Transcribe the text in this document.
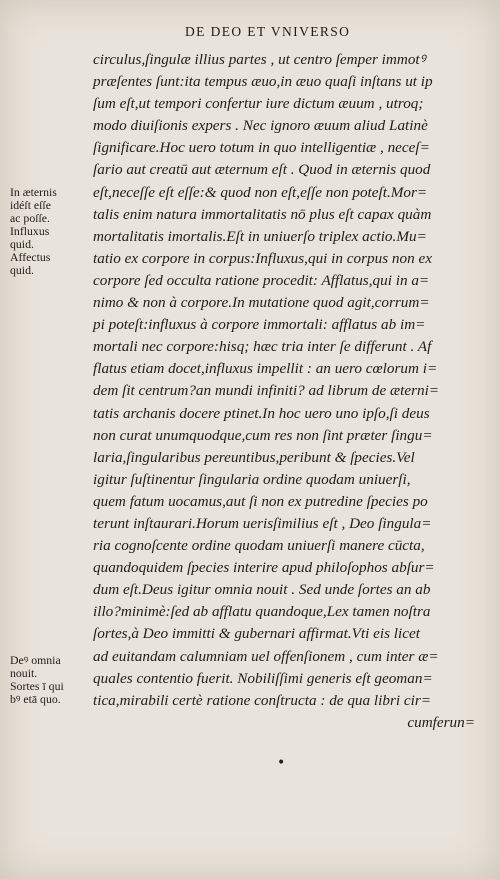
DE DEO ET VNIVERSO
circulus,ſingulæ illius partes , ut centro ſemper immotꝰ
præſentes ſunt:ita tempus æuo,in æuo quaſi inſtans ut ip
ſum eſt,ut tempori confertur iure dictum æuum , utroq;
modo diuiſionis expers . Nec ignoro æuum aliud Latinè
ſignificare.Hoc uero totum in quo intelligentiæ , neceſ=
ſario aut creatū aut æternum eſt . Quod in æternis quod
eſt,neceſſe eſt eſſe:& quod non eſt,eſſe non poteſt.Mor=
talis enim natura immortalitatis nō plus eſt capax quàm
mortalitatis imortalis.Eſt in uniuerſo triplex actio.Mu=
tatio ex corpore in corpus:Influxus,qui in corpus non ex
corpore ſed occulta ratione procedit: Afflatus,qui in a=
nimo & non à corpore.In mutatione quod agit,corrum=
pi poteſt:influxus à corpore immortali: afflatus ab im=
mortali nec corpore:hisq; hæc tria inter ſe differunt . Af
flatus etiam docet,influxus impellit : an uero cœlorum i=
dem ſit centrum?an mundi infiniti? ad librum de æterni=
tatis archanis docere ptinet.In hoc uero uno ipſo,ſi deus
non curat unumquodque,cum res non ſint præter ſingu=
laria,ſingularibus pereuntibus,peribunt & ſpecies.Vel
igitur ſuſtinentur ſingularia ordine quodam uniuerſi,
quem fatum uocamus,aut ſi non ex putredine ſpecies po
terunt inſtaurari.Horum uerisſimilius eſt , Deo ſingula=
ria cognoſcente ordine quodam uniuerſi manere cūcta,
quandoquidem ſpecies interire apud philoſophos abſur=
dum eſt.Deus igitur omnia nouit . Sed unde ſortes an ab
illo?minimè:ſed ab afflatu quandoque,Lex tamen noſtra
ſortes,à Deo immitti & gubernari affirmat.Vti eis licet
ad euitandam calumniam uel offenſionem , cum inter æ=
quales contentio fuerit. Nobiliſſimi generis eſt geoman=
tica,mirabili certè ratione conſtructa : de qua libri cir=
cumferun=
In æternis
idéſt eſſe
ac poſſe.
Influxus
quid.
Affectus
quid.
Deꝰ omnia
nouit.
Sortes ī qui
bꝰ etā quo.
•
